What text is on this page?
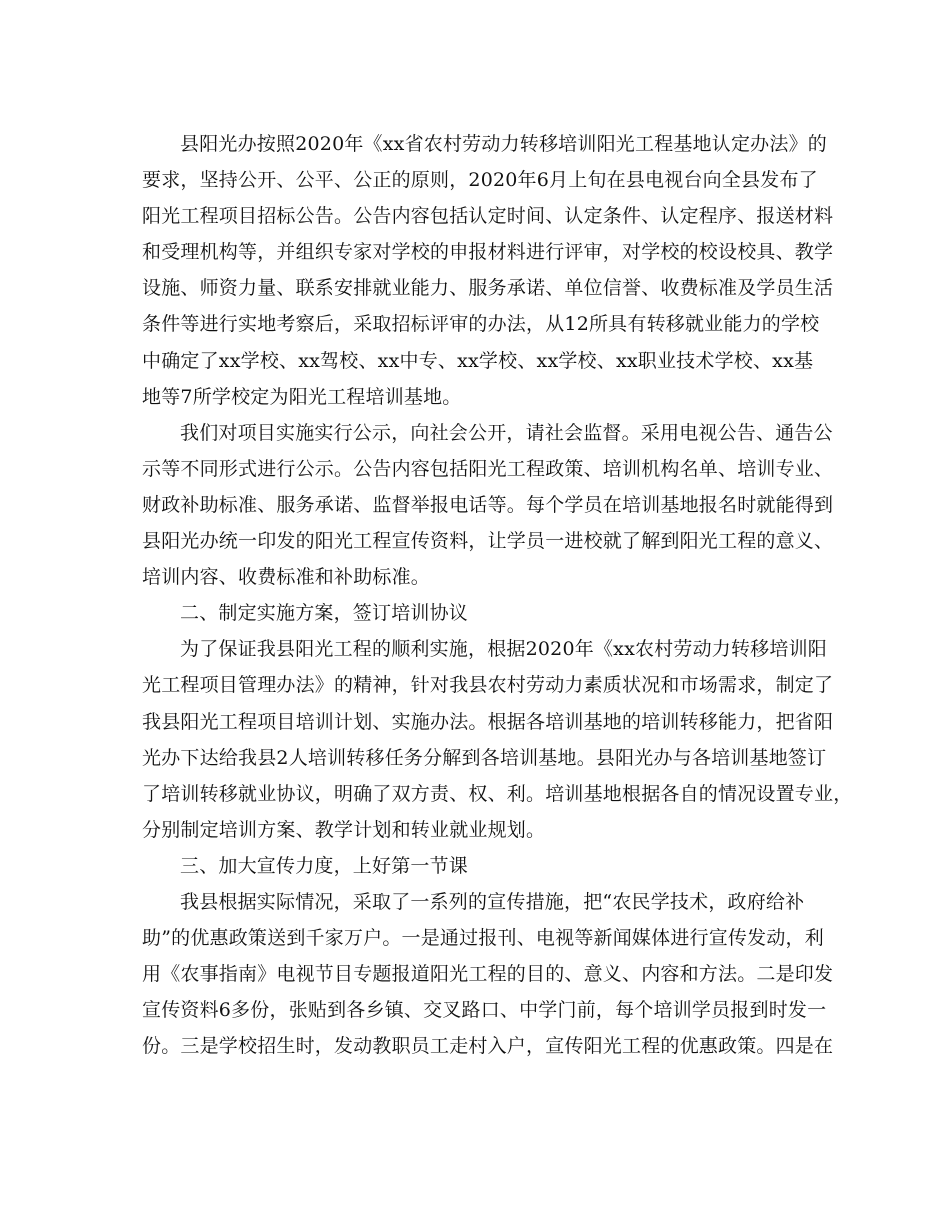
县阳光办按照2020年《xx省农村劳动力转移培训阳光工程基地认定办法》的
要求，坚持公开、公平、公正的原则，2020年6月上旬在县电视台向全县发布了
阳光工程项目招标公告。公告内容包括认定时间、认定条件、认定程序、报送材料
和受理机构等，并组织专家对学校的申报材料进行评审，对学校的校设校具、教学
设施、师资力量、联系安排就业能力、服务承诺、单位信誉、收费标准及学员生活
条件等进行实地考察后，采取招标评审的办法，从12所具有转移就业能力的学校
中确定了xx学校、xx驾校、xx中专、xx学校、xx学校、xx职业技术学校、xx基
地等7所学校定为阳光工程培训基地。
我们对项目实施实行公示，向社会公开，请社会监督。采用电视公告、通告公
示等不同形式进行公示。公告内容包括阳光工程政策、培训机构名单、培训专业、
财政补助标准、服务承诺、监督举报电话等。每个学员在培训基地报名时就能得到
县阳光办统一印发的阳光工程宣传资料，让学员一进校就了解到阳光工程的意义、
培训内容、收费标准和补助标准。
二、制定实施方案，签订培训协议
为了保证我县阳光工程的顺利实施，根据2020年《xx农村劳动力转移培训阳
光工程项目管理办法》的精神，针对我县农村劳动力素质状况和市场需求，制定了
我县阳光工程项目培训计划、实施办法。根据各培训基地的培训转移能力，把省阳
光办下达给我县2人培训转移任务分解到各培训基地。县阳光办与各培训基地签订
了培训转移就业协议，明确了双方责、权、利。培训基地根据各自的情况设置专业，
分别制定培训方案、教学计划和转业就业规划。
三、加大宣传力度，上好第一节课
我县根据实际情况，采取了一系列的宣传措施，把“农民学技术，政府给补
助”的优惠政策送到千家万户。一是通过报刊、电视等新闻媒体进行宣传发动，利
用《农事指南》电视节目专题报道阳光工程的目的、意义、内容和方法。二是印发
宣传资料6多份，张贴到各乡镇、交叉路口、中学门前，每个培训学员报到时发一
份。三是学校招生时，发动教职员工走村入户，宣传阳光工程的优惠政策。四是在
